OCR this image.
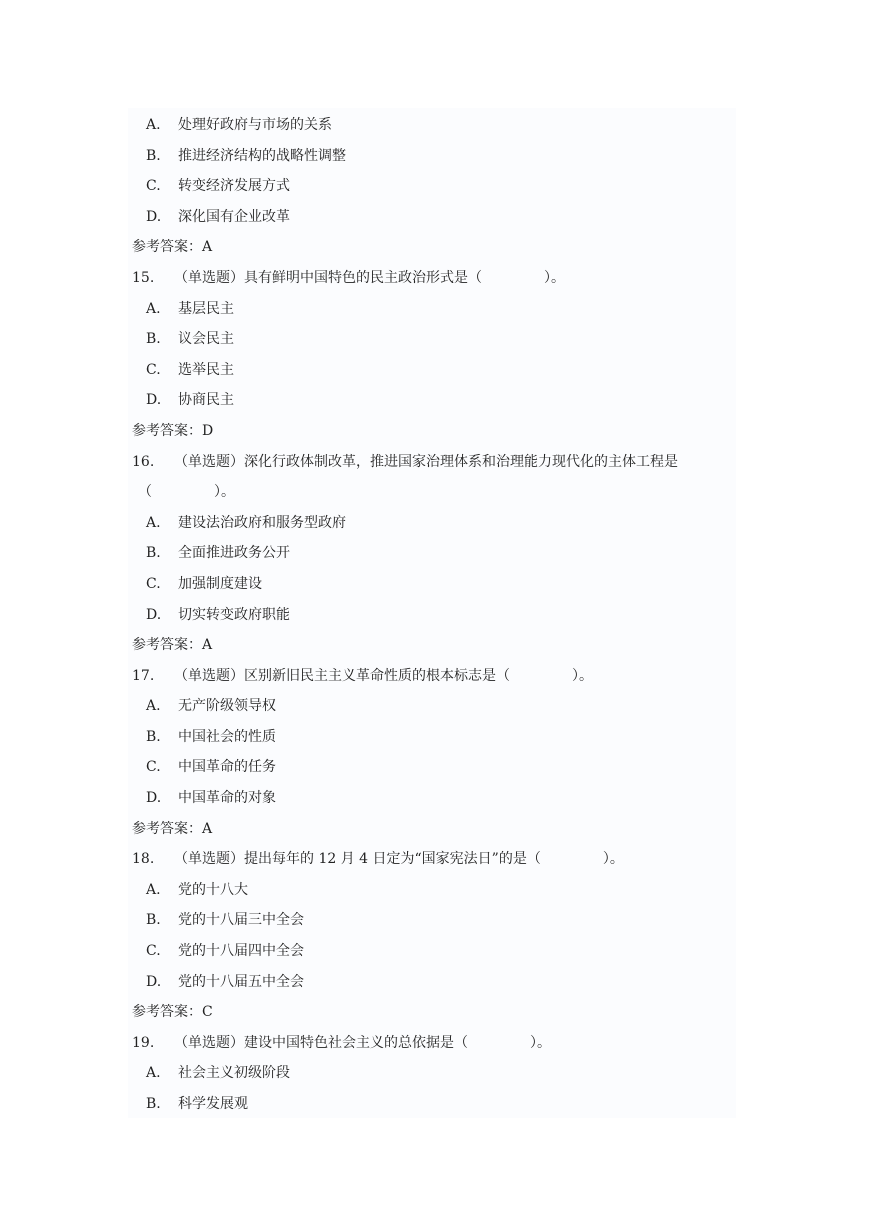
A. 处理好政府与市场的关系
B. 推进经济结构的战略性调整
C. 转变经济发展方式
D. 深化国有企业改革
参考答案：A
15. （单选题）具有鲜明中国特色的民主政治形式是（	）。
A. 基层民主
B. 议会民主
C. 选举民主
D. 协商民主
参考答案：D
16. （单选题）深化行政体制改革，推进国家治理体系和治理能力现代化的主体工程是
（	）。
A. 建设法治政府和服务型政府
B. 全面推进政务公开
C. 加强制度建设
D. 切实转变政府职能
参考答案：A
17. （单选题）区别新旧民主主义革命性质的根本标志是（	）。
A. 无产阶级领导权
B. 中国社会的性质
C. 中国革命的任务
D. 中国革命的对象
参考答案：A
18. （单选题）提出每年的 12 月 4 日定为“国家宪法日”的是（	）。
A. 党的十八大
B. 党的十八届三中全会
C. 党的十八届四中全会
D. 党的十八届五中全会
参考答案：C
19. （单选题）建设中国特色社会主义的总依据是（	）。
A. 社会主义初级阶段
B. 科学发展观
